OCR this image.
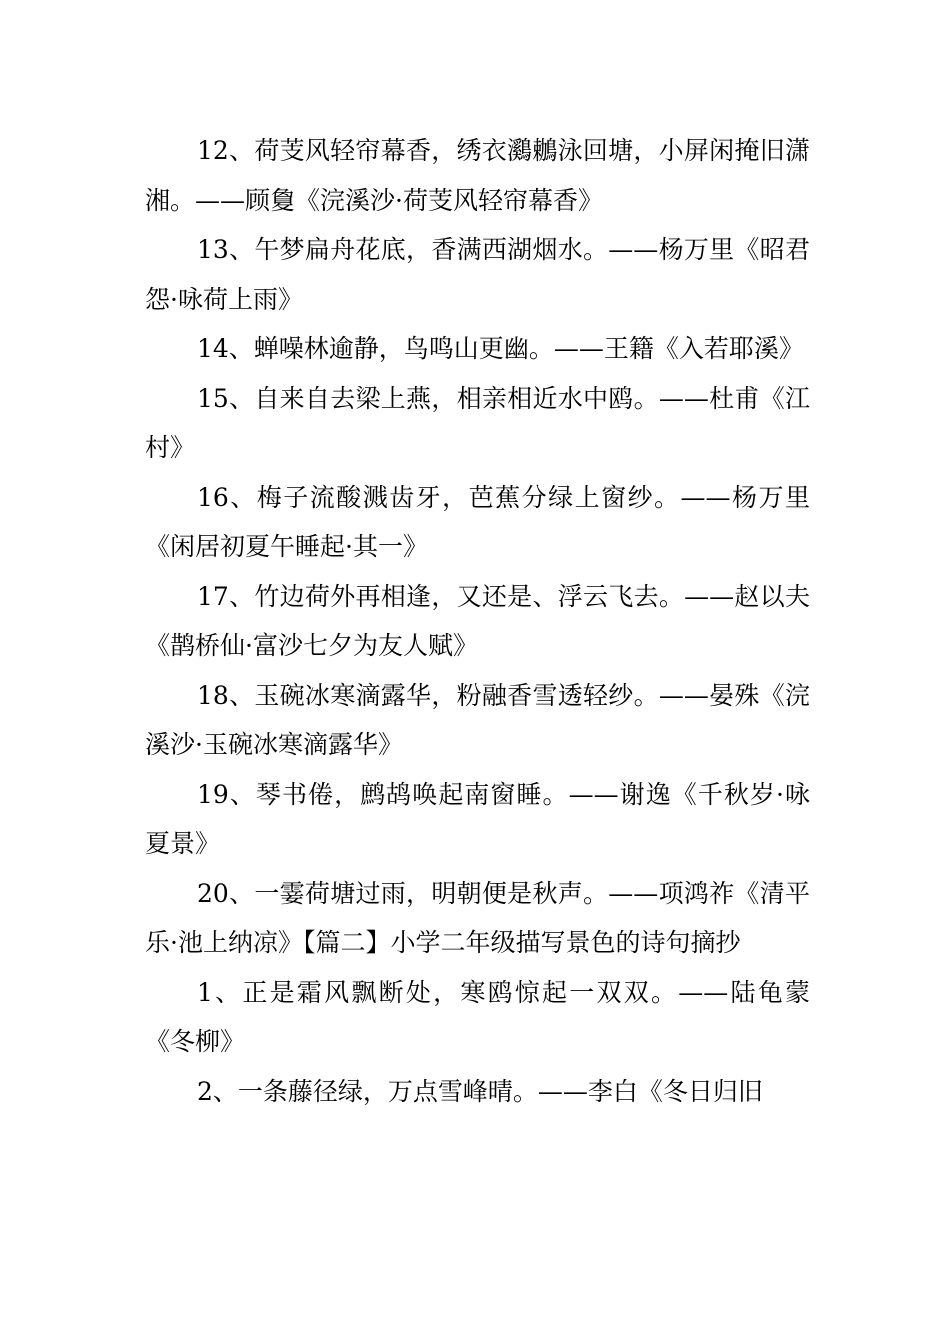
12、荷芰风轻帘幕香，绣衣鸂鶒泳回塘，小屏闲掩旧潇湘。——顾敻《浣溪沙·荷芰风轻帘幕香》

13、午梦扁舟花底，香满西湖烟水。——杨万里《昭君怨·咏荷上雨》

14、蝉噪林逾静，鸟鸣山更幽。——王籍《入若耶溪》

15、自来自去梁上燕，相亲相近水中鸥。——杜甫《江村》

16、梅子流酸溅齿牙，芭蕉分绿上窗纱。——杨万里《闲居初夏午睡起·其一》

17、竹边荷外再相逢，又还是、浮云飞去。——赵以夫《鹊桥仙·富沙七夕为友人赋》

18、玉碗冰寒滴露华，粉融香雪透轻纱。——晏殊《浣溪沙·玉碗冰寒滴露华》

19、琴书倦，鹧鸪唤起南窗睡。——谢逸《千秋岁·咏夏景》

20、一霎荷塘过雨，明朝便是秋声。——项鸿祚《清平乐·池上纳凉》【篇二】小学二年级描写景色的诗句摘抄

1、正是霜风飘断处，寒鸥惊起一双双。——陆龟蒙《冬柳》

2、一条藤径绿，万点雪峰晴。——李白《冬日归旧
